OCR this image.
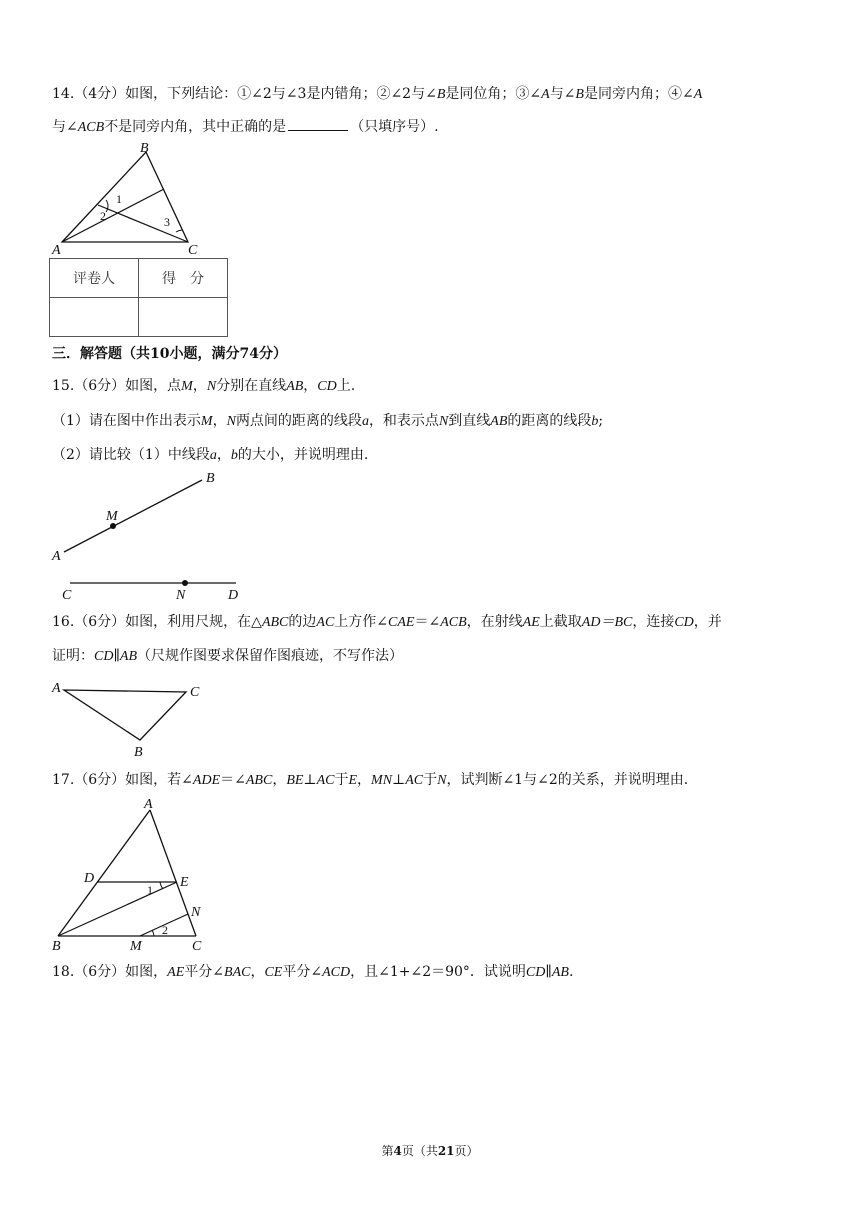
14.（4分）如图，下列结论：①∠2与∠3是内错角；②∠2与∠B是同位角；③∠A与∠B是同旁内角；④∠A
与∠ACB不是同旁内角，其中正确的是	（只填序号）.
B
A	C
1
2	3
评卷人	得　分

三．解答题（共10小题，满分74分）
15.（6分）如图，点M，N分别在直线AB，CD上.
（1）请在图中作出表示M，N两点间的距离的线段a，和表示点N到直线AB的距离的线段b;
（2）请比较（1）中线段a，b的大小，并说明理由.
A
B
M
C	N	D
16.（6分）如图，利用尺规，在△ABC的边AC上方作∠CAE＝∠ACB，在射线AE上截取AD＝BC，连接CD，并
证明：CD∥AB（尺规作图要求保留作图痕迹，不写作法）
A	C
B
17.（6分）如图，若∠ADE＝∠ABC，BE⊥AC于E，MN⊥AC于N，试判断∠1与∠2的关系，并说明理由.
A
D	E
N
B	M	C
1
2
18.（6分）如图，AE平分∠BAC，CE平分∠ACD，且∠1+∠2＝90°．试说明CD∥AB.
第4页（共21页）
